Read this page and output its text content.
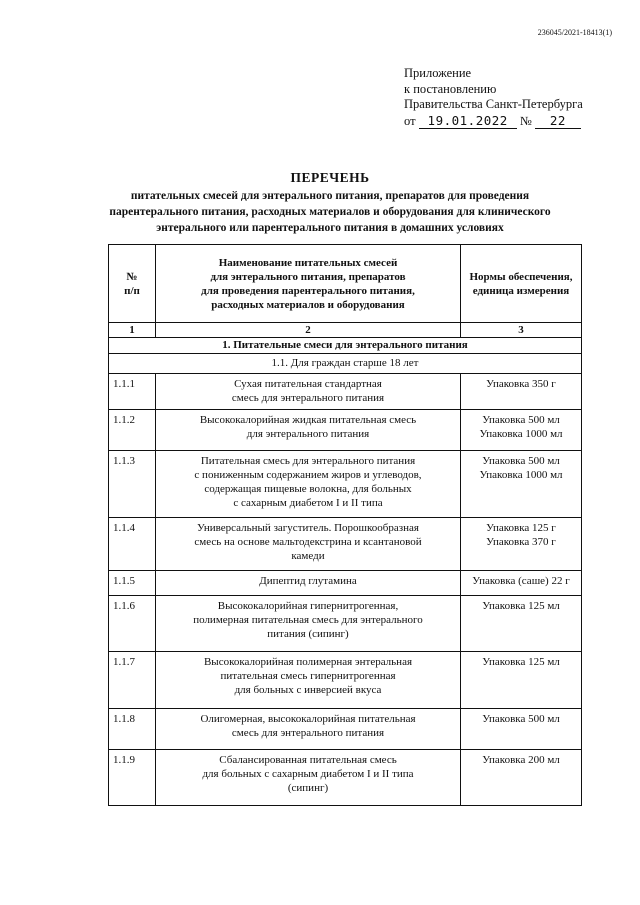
236045/2021-18413(1)
Приложение
к постановлению
Правительства Санкт-Петербурга
от 19.01.2022 № 22
ПЕРЕЧЕНЬ
питательных смесей для энтерального питания, препаратов для проведения
парентерального питания, расходных материалов и оборудования для клинического
энтерального или парентерального питания в домашних условиях
№
п/п	Наименование питательных смесей
для энтерального питания, препаратов
для проведения парентерального питания,
расходных материалов и оборудования	Нормы обеспечения,
единица измерения
1	2	3
1. Питательные смеси для энтерального питания		
1.1. Для граждан старше 18 лет		
1.1.1	Сухая питательная стандартная
смесь для энтерального питания	Упаковка 350 г
1.1.2	Высококалорийная жидкая питательная смесь
для энтерального питания	Упаковка 500 мл
Упаковка 1000 мл
1.1.3	Питательная смесь для энтерального питания
с пониженным содержанием жиров и углеводов,
содержащая пищевые волокна, для больных
с сахарным диабетом I и II типа	Упаковка 500 мл
Упаковка 1000 мл
1.1.4	Универсальный загуститель. Порошкообразная
смесь на основе мальтодекстрина и ксантановой
камеди	Упаковка 125 г
Упаковка 370 г
1.1.5	Дипептид глутамина	Упаковка (саше) 22 г
1.1.6	Высококалорийная гипернитрогенная,
полимерная питательная смесь для энтерального
питания (сипинг)	Упаковка 125 мл
1.1.7	Высококалорийная полимерная энтеральная
питательная смесь гипернитрогенная
для больных с инверсией вкуса	Упаковка 125 мл
1.1.8	Олигомерная, высококалорийная питательная
смесь для энтерального питания	Упаковка 500 мл
1.1.9	Сбалансированная питательная смесь
для больных с сахарным диабетом I и II типа
(сипинг)	Упаковка 200 мл
